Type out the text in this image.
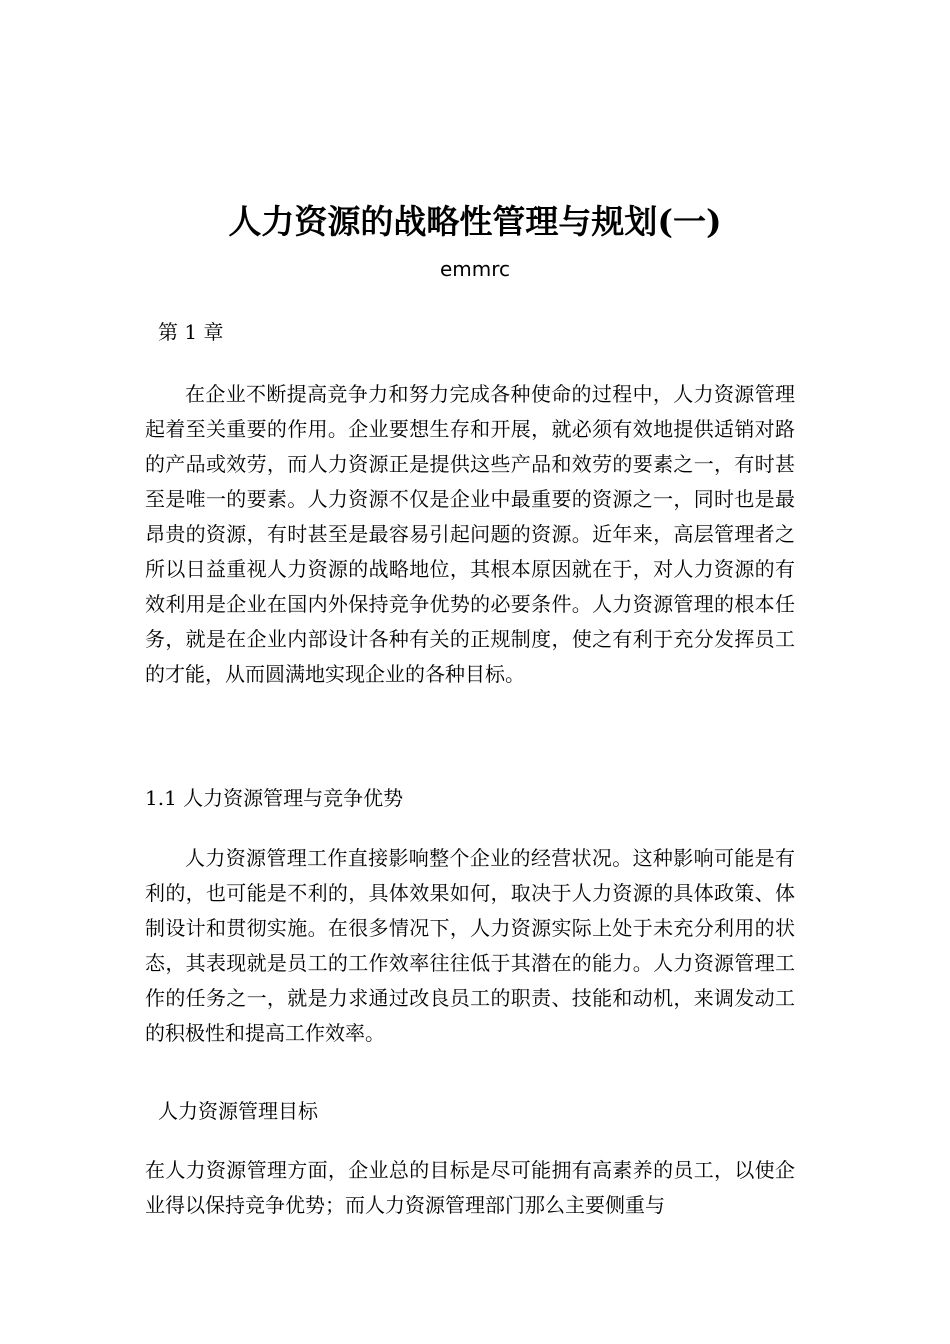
人力资源的战略性管理与规划(一)
emmrc
第 1 章

在企业不断提高竞争力和努力完成各种使命的过程中，人力资源管理起着至关重要的作用。企业要想生存和开展，就必须有效地提供适销对路的产品或效劳，而人力资源正是提供这些产品和效劳的要素之一，有时甚至是唯一的要素。人力资源不仅是企业中最重要的资源之一，同时也是最昂贵的资源，有时甚至是最容易引起问题的资源。近年来，高层管理者之所以日益重视人力资源的战略地位，其根本原因就在于，对人力资源的有效利用是企业在国内外保持竞争优势的必要条件。人力资源管理的根本任务，就是在企业内部设计各种有关的正规制度，使之有利于充分发挥员工的才能，从而圆满地实现企业的各种目标。

1.1 人力资源管理与竞争优势

人力资源管理工作直接影响整个企业的经营状况。这种影响可能是有利的，也可能是不利的，具体效果如何，取决于人力资源的具体政策、体制设计和贯彻实施。在很多情况下，人力资源实际上处于未充分利用的状态，其表现就是员工的工作效率往往低于其潜在的能力。人力资源管理工作的任务之一，就是力求通过改良员工的职责、技能和动机，来调发动工的积极性和提高工作效率。

人力资源管理目标

在人力资源管理方面，企业总的目标是尽可能拥有高素养的员工，以使企业得以保持竞争优势；而人力资源管理部门那么主要侧重与
